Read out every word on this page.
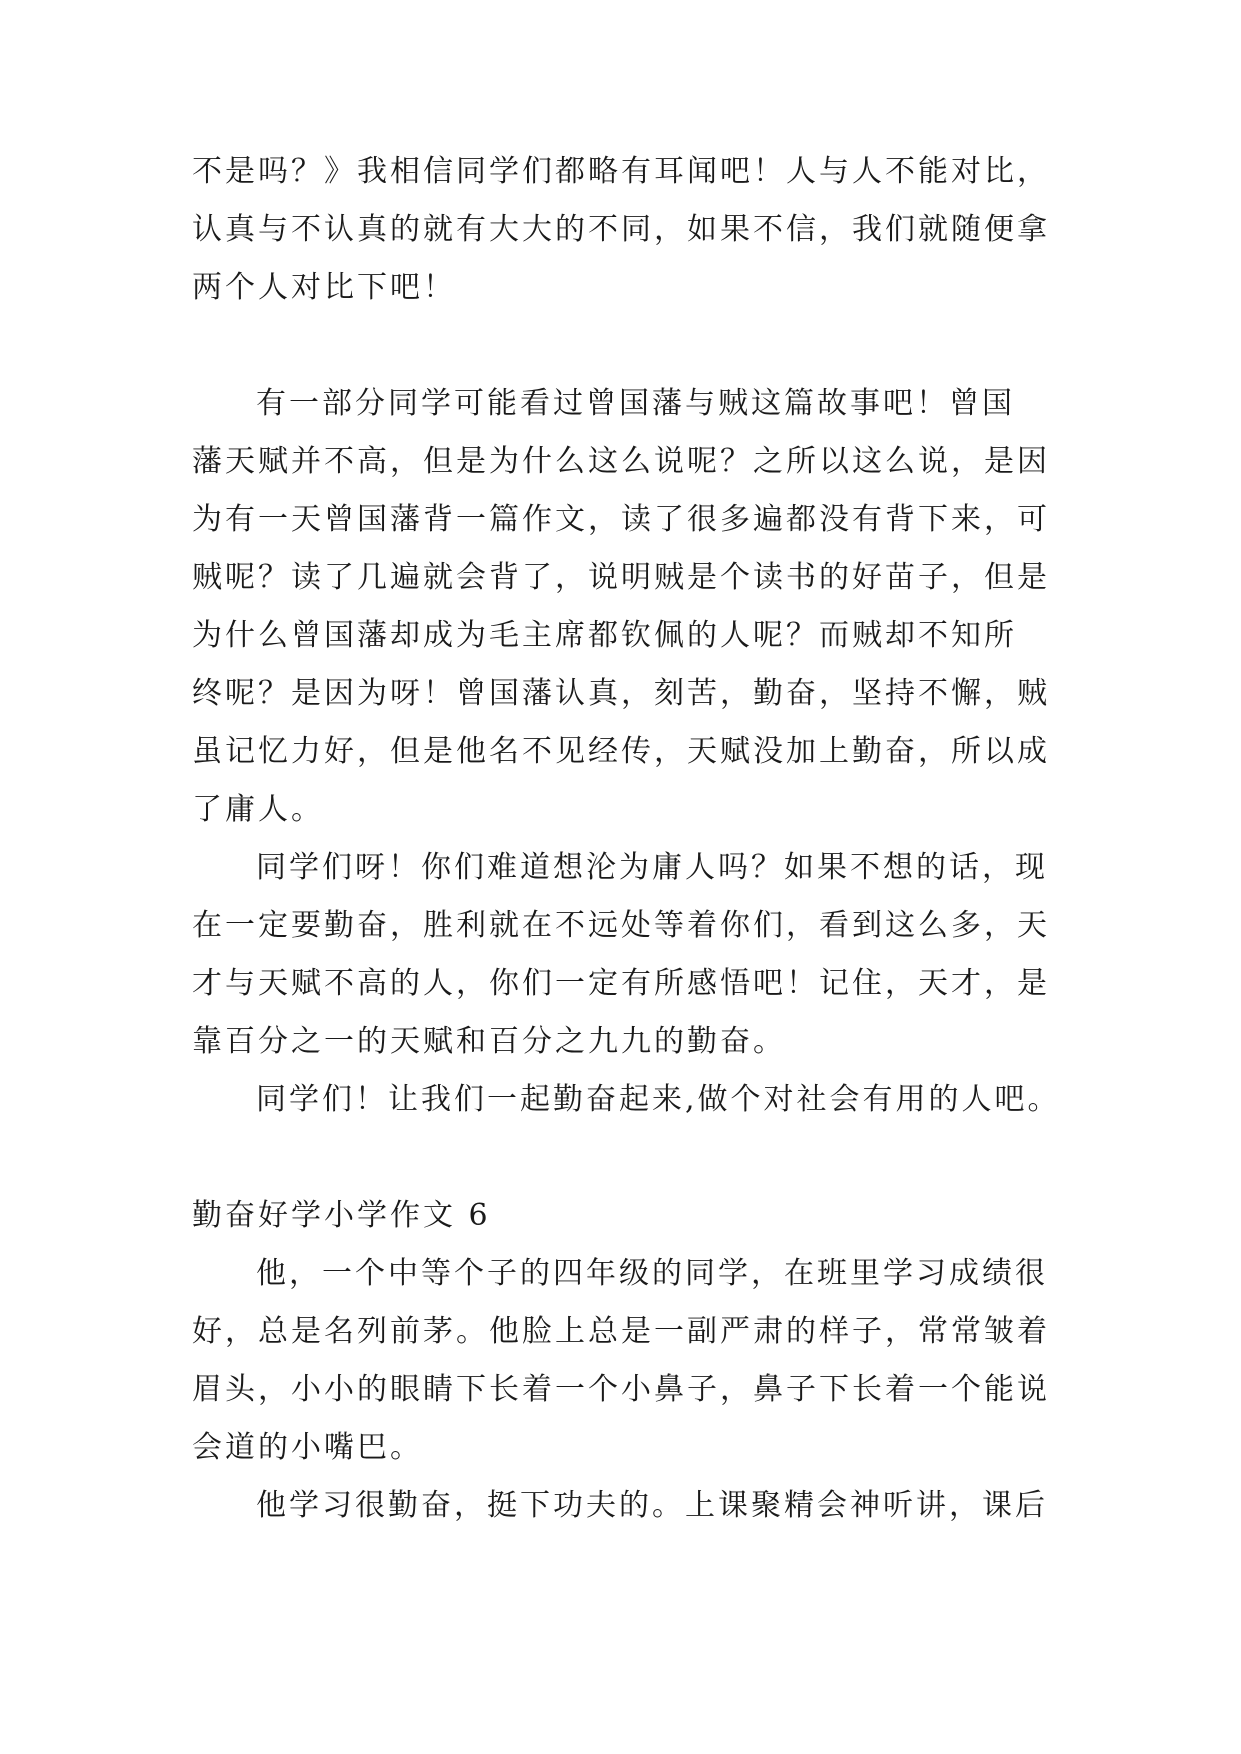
不是吗？》我相信同学们都略有耳闻吧！人与人不能对比，
认真与不认真的就有大大的不同，如果不信，我们就随便拿
两个人对比下吧！
有一部分同学可能看过曾国藩与贼这篇故事吧！曾国
藩天赋并不高，但是为什么这么说呢？之所以这么说，是因
为有一天曾国藩背一篇作文，读了很多遍都没有背下来，可
贼呢？读了几遍就会背了，说明贼是个读书的好苗子，但是
为什么曾国藩却成为毛主席都钦佩的人呢？而贼却不知所
终呢？是因为呀！曾国藩认真，刻苦，勤奋，坚持不懈，贼
虽记忆力好，但是他名不见经传，天赋没加上勤奋，所以成
了庸人。
同学们呀！你们难道想沦为庸人吗？如果不想的话，现
在一定要勤奋，胜利就在不远处等着你们，看到这么多，天
才与天赋不高的人，你们一定有所感悟吧！记住，天才，是
靠百分之一的天赋和百分之九九的勤奋。
同学们！让我们一起勤奋起来,做个对社会有用的人吧。
勤奋好学小学作文 6
他，一个中等个子的四年级的同学，在班里学习成绩很
好，总是名列前茅。他脸上总是一副严肃的样子，常常皱着
眉头，小小的眼睛下长着一个小鼻子，鼻子下长着一个能说
会道的小嘴巴。
他学习很勤奋，挺下功夫的。上课聚精会神听讲，课后
